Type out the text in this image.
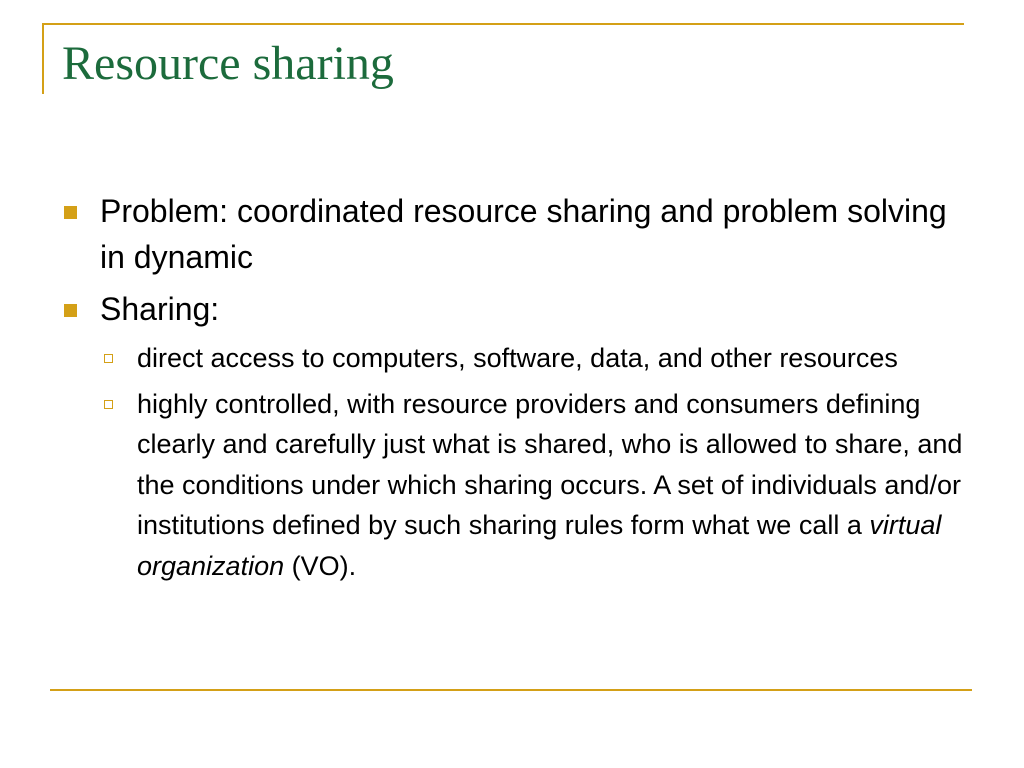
Resource sharing
Problem: coordinated resource sharing and problem solving in dynamic
Sharing:
direct access to computers, software, data, and other resources
highly controlled, with resource providers and consumers defining clearly and carefully just what is shared, who is allowed to share, and the conditions under which sharing occurs. A set of individuals and/or institutions defined by such sharing rules form what we call a virtual organization (VO).
